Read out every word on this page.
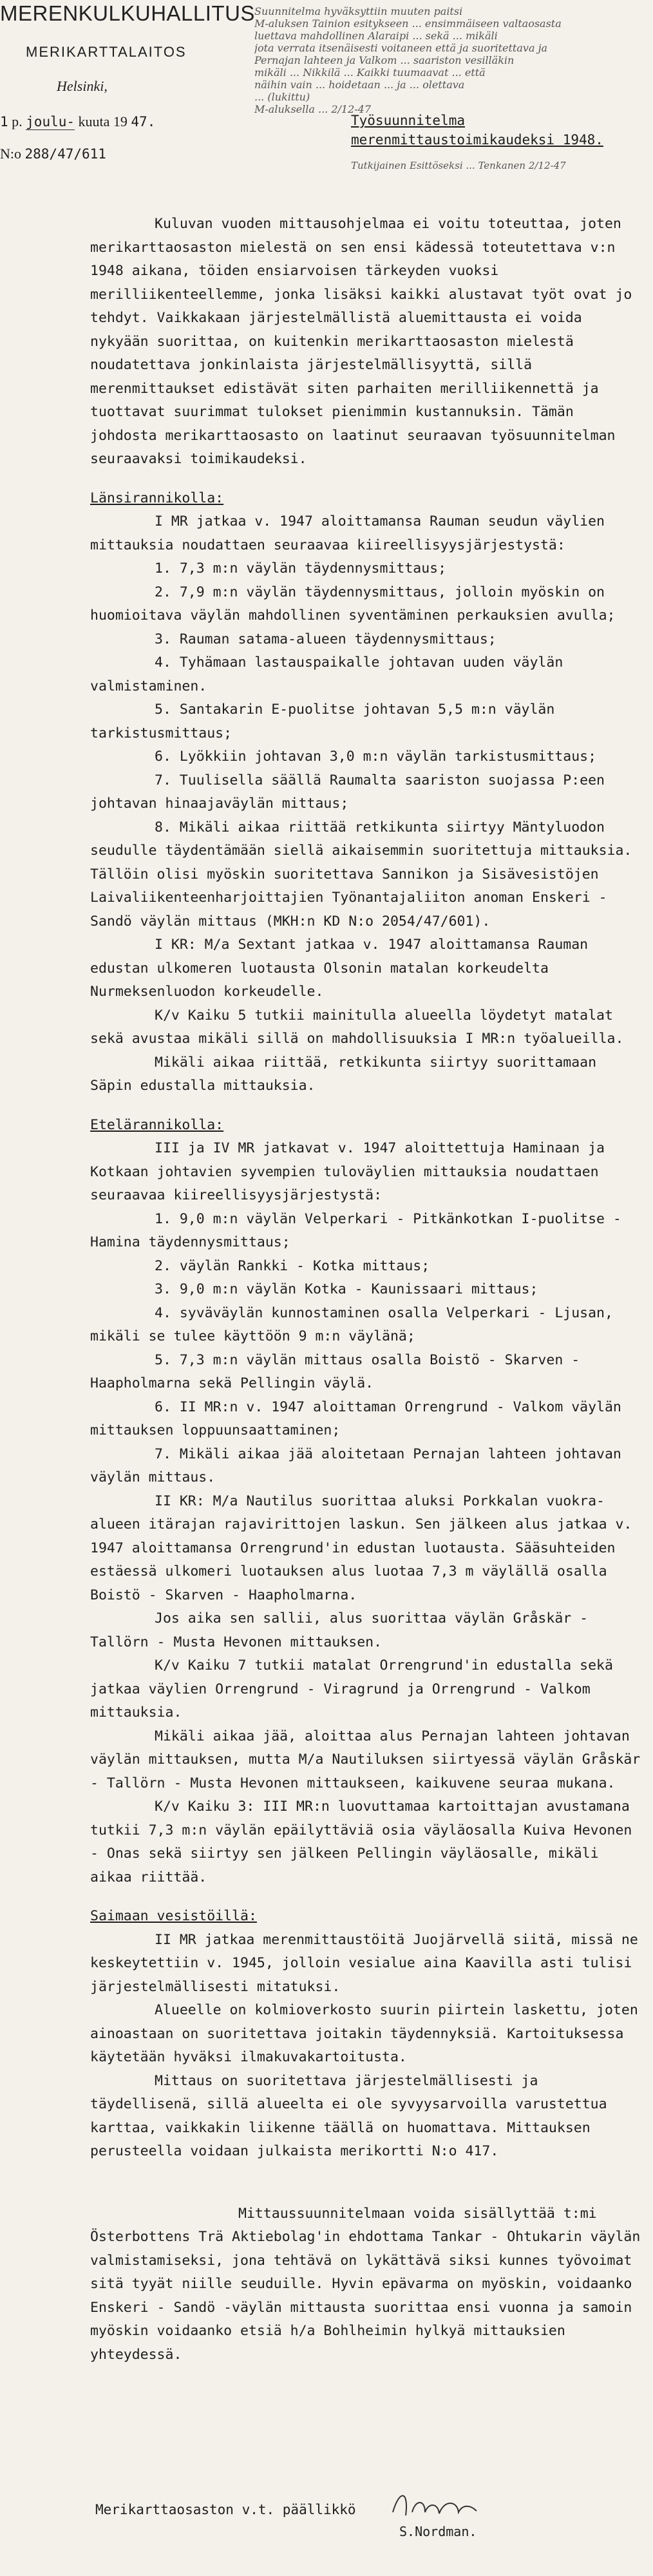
MERENKULKUHALLITUS
MERIKARTTALAITOS
Helsinki,
1 p. joulu- kuuta 19 47.
N:o 288/47/611
Suunnitelma hyväksyttiin muuten paitsi
M-aluksen Tainion esitykseen ... ensimmäiseen valtaosasta
luettava mahdollinen Alaraipi ... sekä ... mikäli
jota verrata itsenäisesti voitaneen että ja suoritettava ja
Pernajan lahteen ja Valkom ... saariston vesilläkin
mikäli ... Nikkilä ... Kaikki tuumaavat ... että
näihin vain ... hoidetaan ... ja ... olettava
... (lukittu)
M-aluksella ... 2/12-47
Työsuunnitelma
merenmittaustoimikaudeksi 1948.
Tutkijainen Esittöseksi ... Tenkanen 2/12-47

Kuluvan vuoden mittausohjelmaa ei voitu toteuttaa, joten merikarttaosaston mielestä on sen ensi kädessä toteutettava v:n 1948 aikana, töiden ensiarvoisen tärkeyden vuoksi merilliikenteellemme, jonka lisäksi kaikki alustavat työt ovat jo tehdyt. Vaikkakaan järjestelmällistä aluemittausta ei voida nykyään suorittaa, on kuitenkin merikarttaosaston mielestä noudatettava jonkinlaista järjestelmällisyyttä, sillä merenmittaukset edistävät siten parhaiten merilliikennettä ja tuottavat suurimmat tulokset pienimmin kustannuksin. Tämän johdosta merikarttaosasto on laatinut seuraavan työsuunnitelman seuraavaksi toimikaudeksi.

Länsirannikolla:

I MR jatkaa v. 1947 aloittamansa Rauman seudun väylien mittauksia noudattaen seuraavaa kiireellisyysjärjestystä:

1. 7,3 m:n väylän täydennysmittaus;

2. 7,9 m:n väylän täydennysmittaus, jolloin myöskin on huomioitava väylän mahdollinen syventäminen perkauksien avulla;

3. Rauman satama-alueen täydennysmittaus;

4. Tyhämaan lastauspaikalle johtavan uuden väylän valmistaminen.

5. Santakarin E-puolitse johtavan 5,5 m:n väylän tarkistusmittaus;

6. Lyökkiin johtavan 3,0 m:n väylän tarkistusmittaus;

7. Tuulisella säällä Raumalta saariston suojassa P:een johtavan hinaajaväylän mittaus;

8. Mikäli aikaa riittää retkikunta siirtyy Mäntyluodon seudulle täydentämään siellä aikaisemmin suoritettuja mittauksia. Tällöin olisi myöskin suoritettava Sannikon ja Sisävesistöjen Laivaliikenteenharjoittajien Työnantajaliiton anoman Enskeri - Sandö väylän mittaus (MKH:n KD N:o 2054/47/601).

I KR: M/a Sextant jatkaa v. 1947 aloittamansa Rauman edustan ulkomeren luotausta Olsonin matalan korkeudelta Nurmeksenluodon korkeudelle.

K/v Kaiku 5 tutkii mainitulla alueella löydetyt matalat sekä avustaa mikäli sillä on mahdollisuuksia I MR:n työalueilla.

Mikäli aikaa riittää, retkikunta siirtyy suorittamaan Säpin edustalla mittauksia.

Etelärannikolla:

III ja IV MR jatkavat v. 1947 aloittettuja Haminaan ja Kotkaan johtavien syvempien tuloväylien mittauksia noudattaen seuraavaa kiireellisyysjärjestystä:

1. 9,0 m:n väylän Velperkari - Pitkänkotkan I-puolitse - Hamina täydennysmittaus;

2. väylän Rankki - Kotka mittaus;

3. 9,0 m:n väylän Kotka - Kaunissaari mittaus;

4. syväväylän kunnostaminen osalla Velperkari - Ljusan, mikäli se tulee käyttöön 9 m:n väylänä;

5. 7,3 m:n väylän mittaus osalla Boistö - Skarven - Haapholmarna sekä Pellingin väylä.

6. II MR:n v. 1947 aloittaman Orrengrund - Valkom väylän mittauksen loppuunsaattaminen;

7. Mikäli aikaa jää aloitetaan Pernajan lahteen johtavan väylän mittaus.

II KR: M/a Nautilus suorittaa aluksi Porkkalan vuokra-alueen itärajan rajavirittojen laskun. Sen jälkeen alus jatkaa v. 1947 aloittamansa Orrengrund'in edustan luotausta. Sääsuhteiden estäessä ulkomeri luotauksen alus luotaa 7,3 m väylällä osalla Boistö - Skarven - Haapholmarna.

Jos aika sen sallii, alus suorittaa väylän Gråskär - Tallörn - Musta Hevonen mittauksen.

K/v Kaiku 7 tutkii matalat Orrengrund'in edustalla sekä jatkaa väylien Orrengrund - Viragrund ja Orrengrund - Valkom mittauksia.

Mikäli aikaa jää, aloittaa alus Pernajan lahteen johtavan väylän mittauksen, mutta M/a Nautiluksen siirtyessä väylän Gråskär - Tallörn - Musta Hevonen mittaukseen, kaikuvene seuraa mukana.

K/v Kaiku 3: III MR:n luovuttamaa kartoittajan avustamana tutkii 7,3 m:n väylän epäilyttäviä osia väyläosalla Kuiva Hevonen - Onas sekä siirtyy sen jälkeen Pellingin väyläosalle, mikäli aikaa riittää.

Saimaan vesistöillä:

II MR jatkaa merenmittaustöitä Juojärvellä siitä, missä ne keskeytettiin v. 1945, jolloin vesialue aina Kaavilla asti tulisi järjestelmällisesti mitatuksi.

Alueelle on kolmioverkosto suurin piirtein laskettu, joten ainoastaan on suoritettava joitakin täydennyksiä. Kartoituksessa käytetään hyväksi ilmakuvakartoitusta.

Mittaus on suoritettava järjestelmällisesti ja täydellisenä, sillä alueelta ei ole syvyysarvoilla varustettua karttaa, vaikkakin liikenne täällä on huomattava. Mittauksen perusteella voidaan julkaista merikortti N:o 417.

Mittaussuunnitelmaan voida sisällyttää t:mi Österbottens Trä Aktiebolag'in ehdottama Tankar - Ohtukarin väylän valmistamiseksi, jona tehtävä on lykättävä siksi kunnes työvoimat sitä tyyät niille seuduille. Hyvin epävarma on myöskin, voidaanko Enskeri - Sandö -väylän mittausta suorittaa ensi vuonna ja samoin myöskin voidaanko etsiä h/a Bohlheimin hylkyä mittauksien yhteydessä.

Merikarttaosaston v.t. päällikkö
S.Nordman.
